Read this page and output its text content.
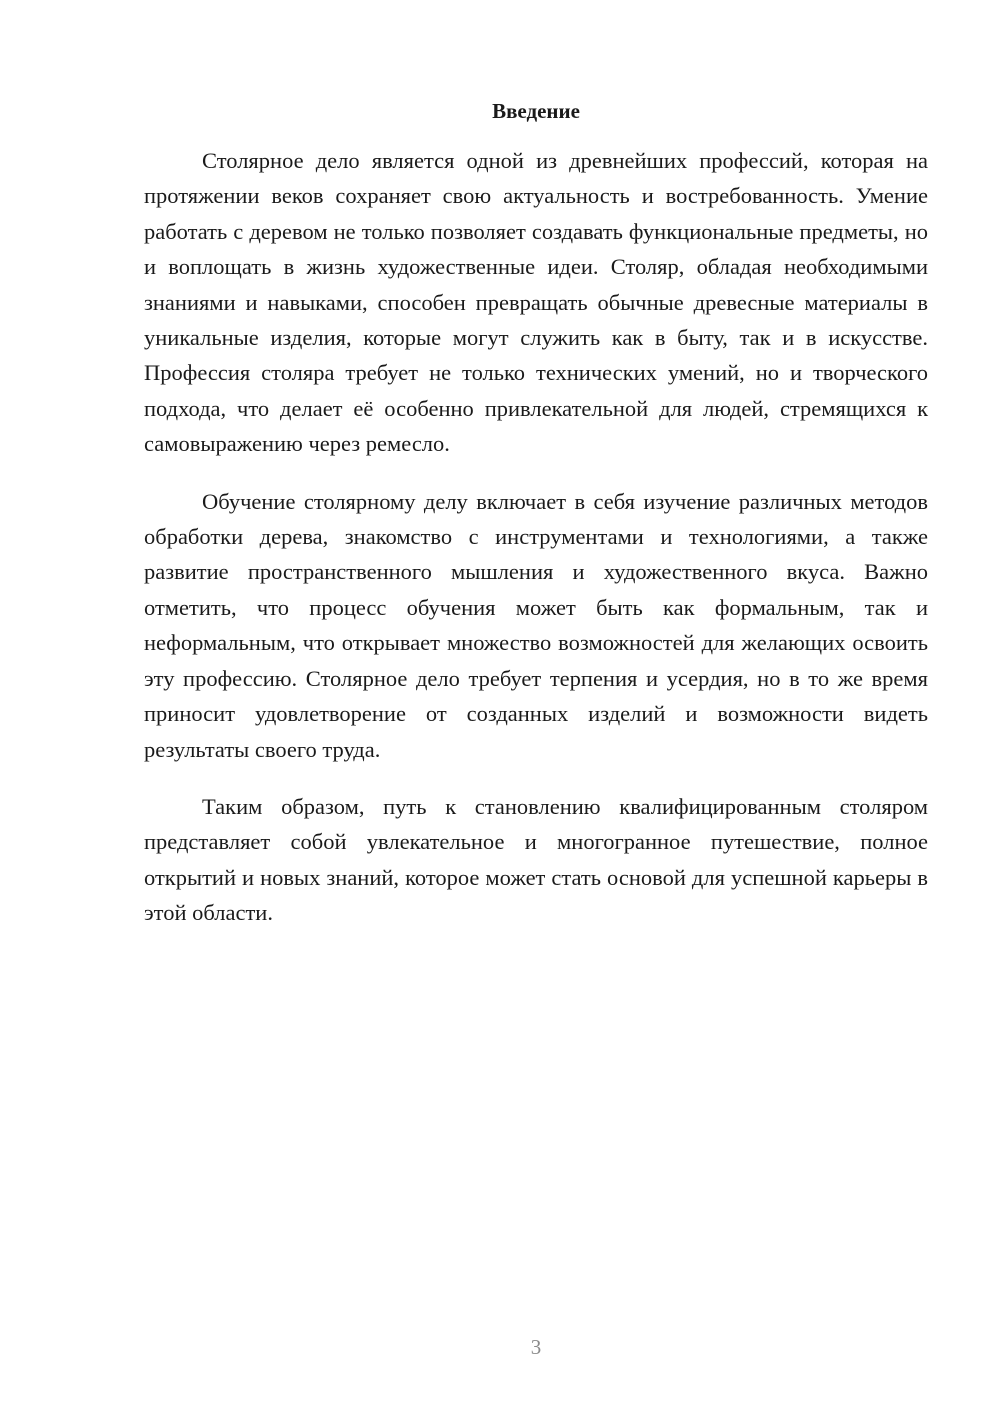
Введение

Столярное дело является одной из древнейших профессий, которая на протяжении веков сохраняет свою актуальность и востребованность. Умение работать с деревом не только позволяет создавать функциональные предметы, но и воплощать в жизнь художественные идеи. Столяр, обладая необходимыми знаниями и навыками, способен превращать обычные древесные материалы в уникальные изделия, которые могут служить как в быту, так и в искусстве. Профессия столяра требует не только технических умений, но и творческого подхода, что делает её особенно привлекательной для людей, стремящихся к самовыражению через ремесло.

Обучение столярному делу включает в себя изучение различных методов обработки дерева, знакомство с инструментами и технологиями, а также развитие пространственного мышления и художественного вкуса. Важно отметить, что процесс обучения может быть как формальным, так и неформальным, что открывает множество возможностей для желающих освоить эту профессию. Столярное дело требует терпения и усердия, но в то же время приносит удовлетворение от созданных изделий и возможности видеть результаты своего труда.

Таким образом, путь к становлению квалифицированным столяром представляет собой увлекательное и многогранное путешествие, полное открытий и новых знаний, которое может стать основой для успешной карьеры в этой области.

3
